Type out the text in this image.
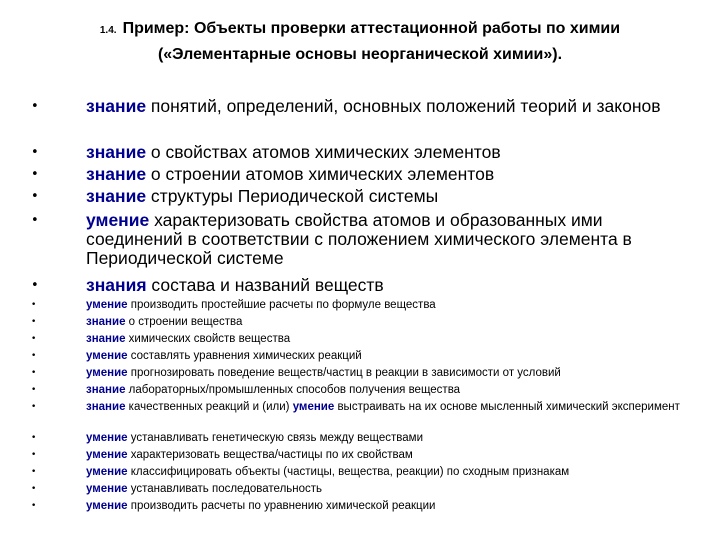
1.4. Пример: Объекты проверки аттестационной работы по химии
(«Элементарные основы неорганической химии»).
•	знание понятий, определений, основных положений теорий и законов
•	знание о свойствах атомов химических элементов
•	знание о строении атомов химических элементов
•	знание структуры Периодической системы
•	умение характеризовать свойства атомов и образованных ими соединений в соответствии с положением химического элемента в Периодической системе
•	знания состава и названий веществ
•	умение производить простейшие расчеты по формуле вещества
•	знание о строении вещества
•	знание химических свойств вещества
•	умение составлять уравнения химических реакций
•	умение прогнозировать поведение веществ/частиц в реакции в зависимости от условий
•	знание лабораторных/промышленных способов получения вещества
•	знание качественных реакций и (или) умение выстраивать на их основе мысленный химический эксперимент
•	умение устанавливать генетическую связь между веществами
•	умение характеризовать вещества/частицы по их свойствам
•	умение классифицировать объекты (частицы, вещества, реакции) по сходным признакам
•	умение устанавливать последовательность
•	умение производить расчеты по уравнению химической реакции
